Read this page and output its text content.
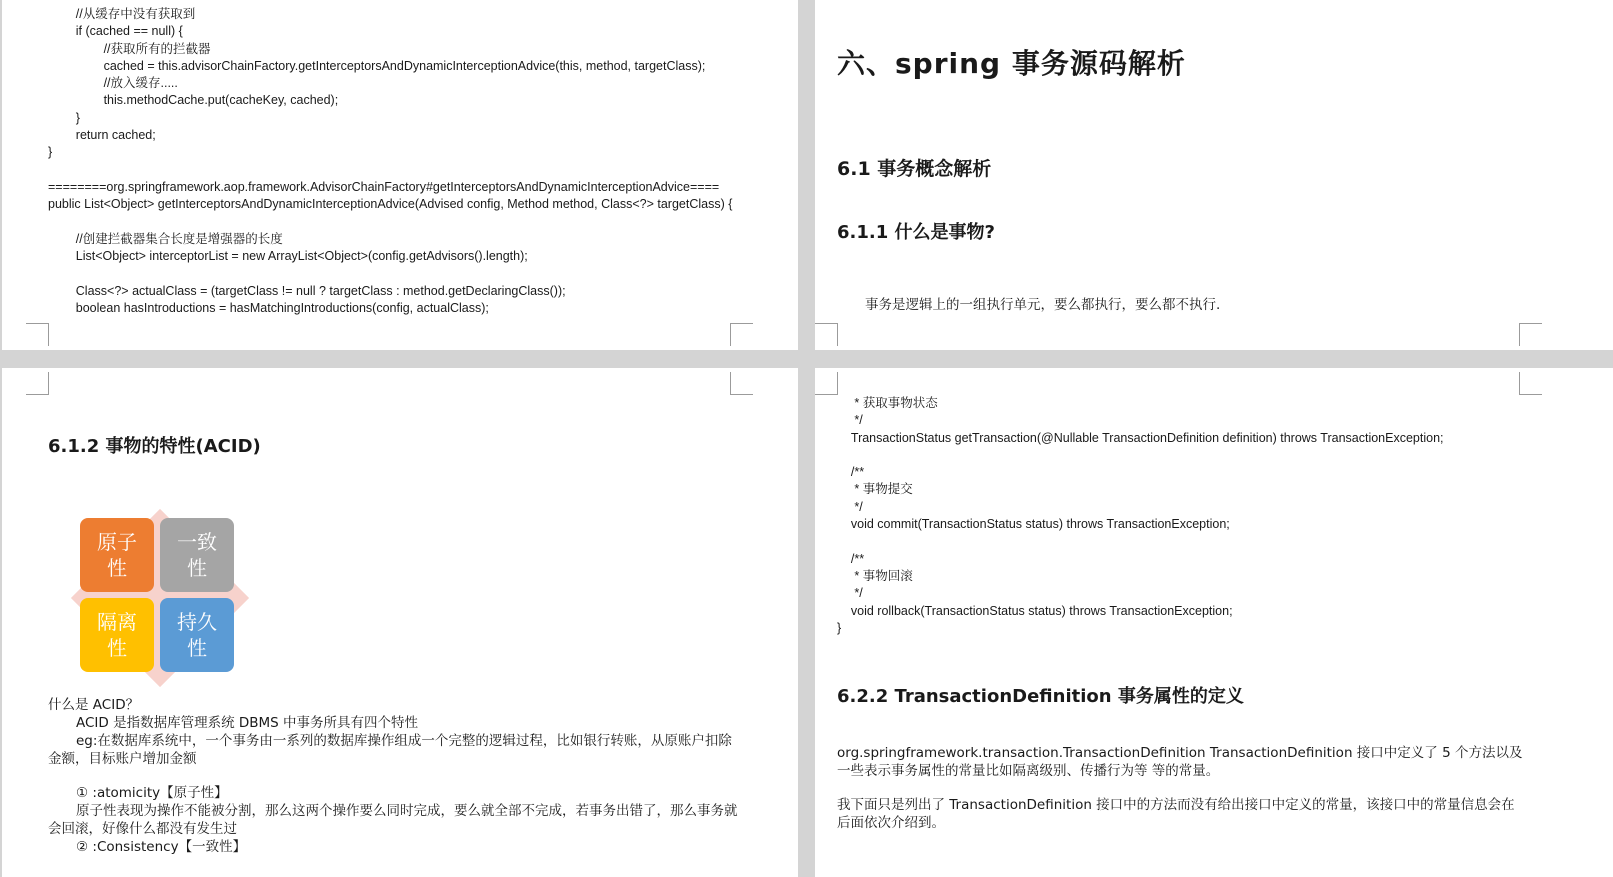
//从缓存中没有获取到
if (cached == null) {
//获取所有的拦截器
cached = this.advisorChainFactory.getInterceptorsAndDynamicInterceptionAdvice(this, method, targetClass);
//放入缓存.....
this.methodCache.put(cacheKey, cached);
}
return cached;
}

========org.springframework.aop.framework.AdvisorChainFactory#getInterceptorsAndDynamicInterceptionAdvice====
public List<Object> getInterceptorsAndDynamicInterceptionAdvice(Advised config, Method method, Class<?> targetClass) {

//创建拦截器集合长度是增强器的长度
List<Object> interceptorList = new ArrayList<Object>(config.getAdvisors().length);

Class<?> actualClass = (targetClass != null ? targetClass : method.getDeclaringClass());
boolean hasIntroductions = hasMatchingIntroductions(config, actualClass);
六、spring 事务源码解析
6.1 事务概念解析
6.1.1 什么是事物?
事务是逻辑上的一组执行单元，要么都执行，要么都不执行.
6.1.2 事物的特性(ACID)
原子
性
一致
性
隔离
性
持久
性

什么是 ACID？

ACID 是指数据库管理系统 DBMS 中事务所具有四个特性

eg:在数据库系统中，一个事务由一系列的数据库操作组成一个完整的逻辑过程，比如银行转账，从原账户扣除金额，目标账户增加金额

① :atomicity【原子性】

原子性表现为操作不能被分割，那么这两个操作要么同时完成，要么就全部不完成，若事务出错了，那么事务就会回滚，好像什么都没有发生过

② :Consistency【一致性】

* 获取事物状态
*/
TransactionStatus getTransaction(@Nullable TransactionDefinition definition) throws TransactionException;

/**
* 事物提交
*/
void commit(TransactionStatus status) throws TransactionException;

/**
* 事物回滚
*/
void rollback(TransactionStatus status) throws TransactionException;
}
6.2.2 TransactionDefinition 事务属性的定义
org.springframework.transaction.TransactionDefinition TransactionDefinition 接口中定义了 5 个方法以及一些表示事务属性的常量比如隔离级别、传播行为等 等的常量。
我下面只是列出了 TransactionDefinition 接口中的方法而没有给出接口中定义的常量，该接口中的常量信息会在后面依次介绍到。
